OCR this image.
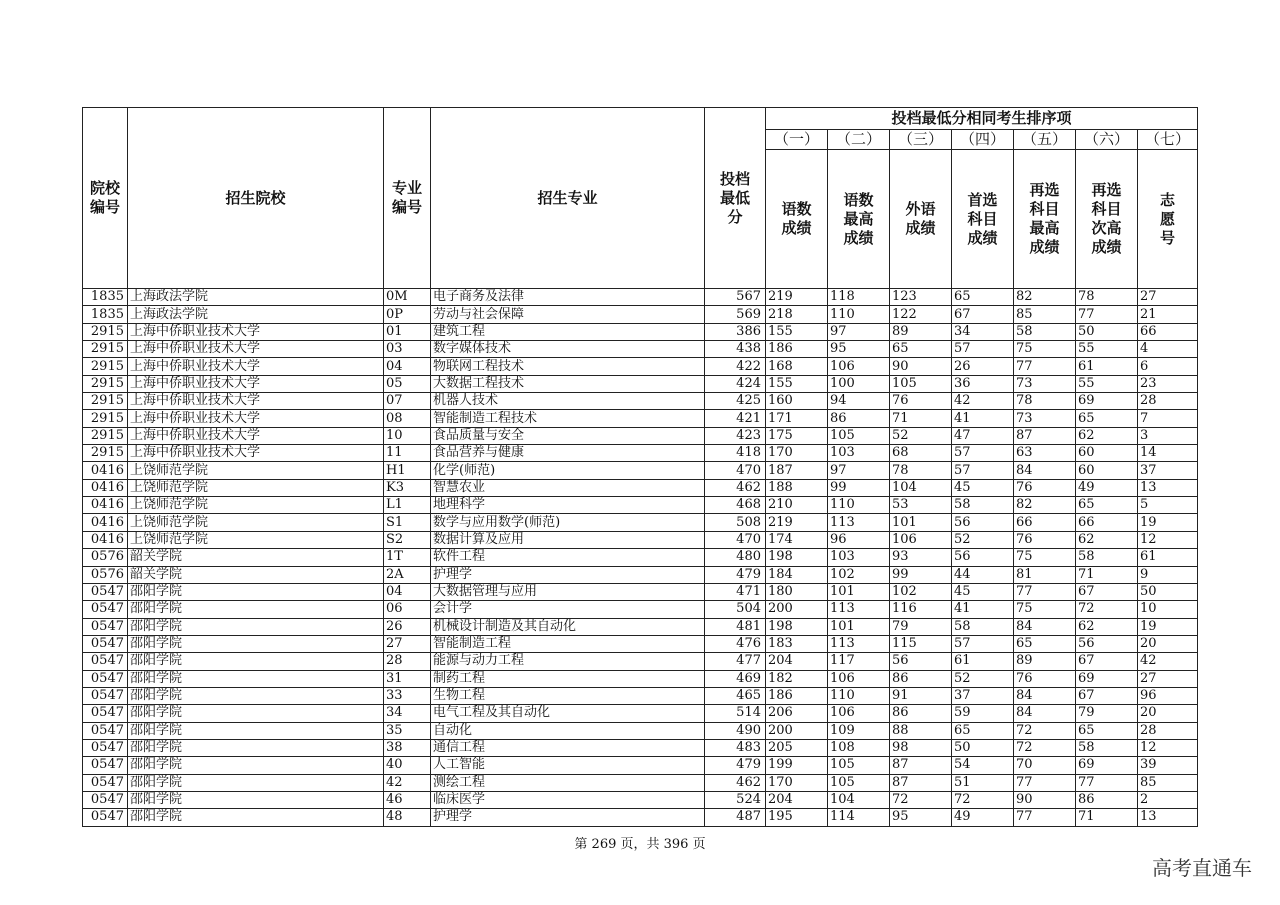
院校编号	招生院校	专业编号	招生专业	投档最低分	投档最低分相同考生排序项						
					（一）	（二）	（三）	（四）	（五）	（六）	（七）

					语数成绩	语数最高成绩	外语成绩	首选科目成绩	再选科目最高成绩	再选科目次高成绩	志愿号

1835	上海政法学院	0M	电子商务及法律	567	219	118	123	65	82	78	27
1835	上海政法学院	0P	劳动与社会保障	569	218	110	122	67	85	77	21
2915	上海中侨职业技术大学	01	建筑工程	386	155	97	89	34	58	50	66
2915	上海中侨职业技术大学	03	数字媒体技术	438	186	95	65	57	75	55	4
2915	上海中侨职业技术大学	04	物联网工程技术	422	168	106	90	26	77	61	6
2915	上海中侨职业技术大学	05	大数据工程技术	424	155	100	105	36	73	55	23
2915	上海中侨职业技术大学	07	机器人技术	425	160	94	76	42	78	69	28
2915	上海中侨职业技术大学	08	智能制造工程技术	421	171	86	71	41	73	65	7
2915	上海中侨职业技术大学	10	食品质量与安全	423	175	105	52	47	87	62	3
2915	上海中侨职业技术大学	11	食品营养与健康	418	170	103	68	57	63	60	14
0416	上饶师范学院	H1	化学(师范)	470	187	97	78	57	84	60	37
0416	上饶师范学院	K3	智慧农业	462	188	99	104	45	76	49	13
0416	上饶师范学院	L1	地理科学	468	210	110	53	58	82	65	5
0416	上饶师范学院	S1	数学与应用数学(师范)	508	219	113	101	56	66	66	19
0416	上饶师范学院	S2	数据计算及应用	470	174	96	106	52	76	62	12
0576	韶关学院	1T	软件工程	480	198	103	93	56	75	58	61
0576	韶关学院	2A	护理学	479	184	102	99	44	81	71	9
0547	邵阳学院	04	大数据管理与应用	471	180	101	102	45	77	67	50
0547	邵阳学院	06	会计学	504	200	113	116	41	75	72	10
0547	邵阳学院	26	机械设计制造及其自动化	481	198	101	79	58	84	62	19
0547	邵阳学院	27	智能制造工程	476	183	113	115	57	65	56	20
0547	邵阳学院	28	能源与动力工程	477	204	117	56	61	89	67	42
0547	邵阳学院	31	制药工程	469	182	106	86	52	76	69	27
0547	邵阳学院	33	生物工程	465	186	110	91	37	84	67	96
0547	邵阳学院	34	电气工程及其自动化	514	206	106	86	59	84	79	20
0547	邵阳学院	35	自动化	490	200	109	88	65	72	65	28
0547	邵阳学院	38	通信工程	483	205	108	98	50	72	58	12
0547	邵阳学院	40	人工智能	479	199	105	87	54	70	69	39
0547	邵阳学院	42	测绘工程	462	170	105	87	51	77	77	85
0547	邵阳学院	46	临床医学	524	204	104	72	72	90	86	2
0547	邵阳学院	48	护理学	487	195	114	95	49	77	71	13
第 269 页，共 396 页
高考直通车
